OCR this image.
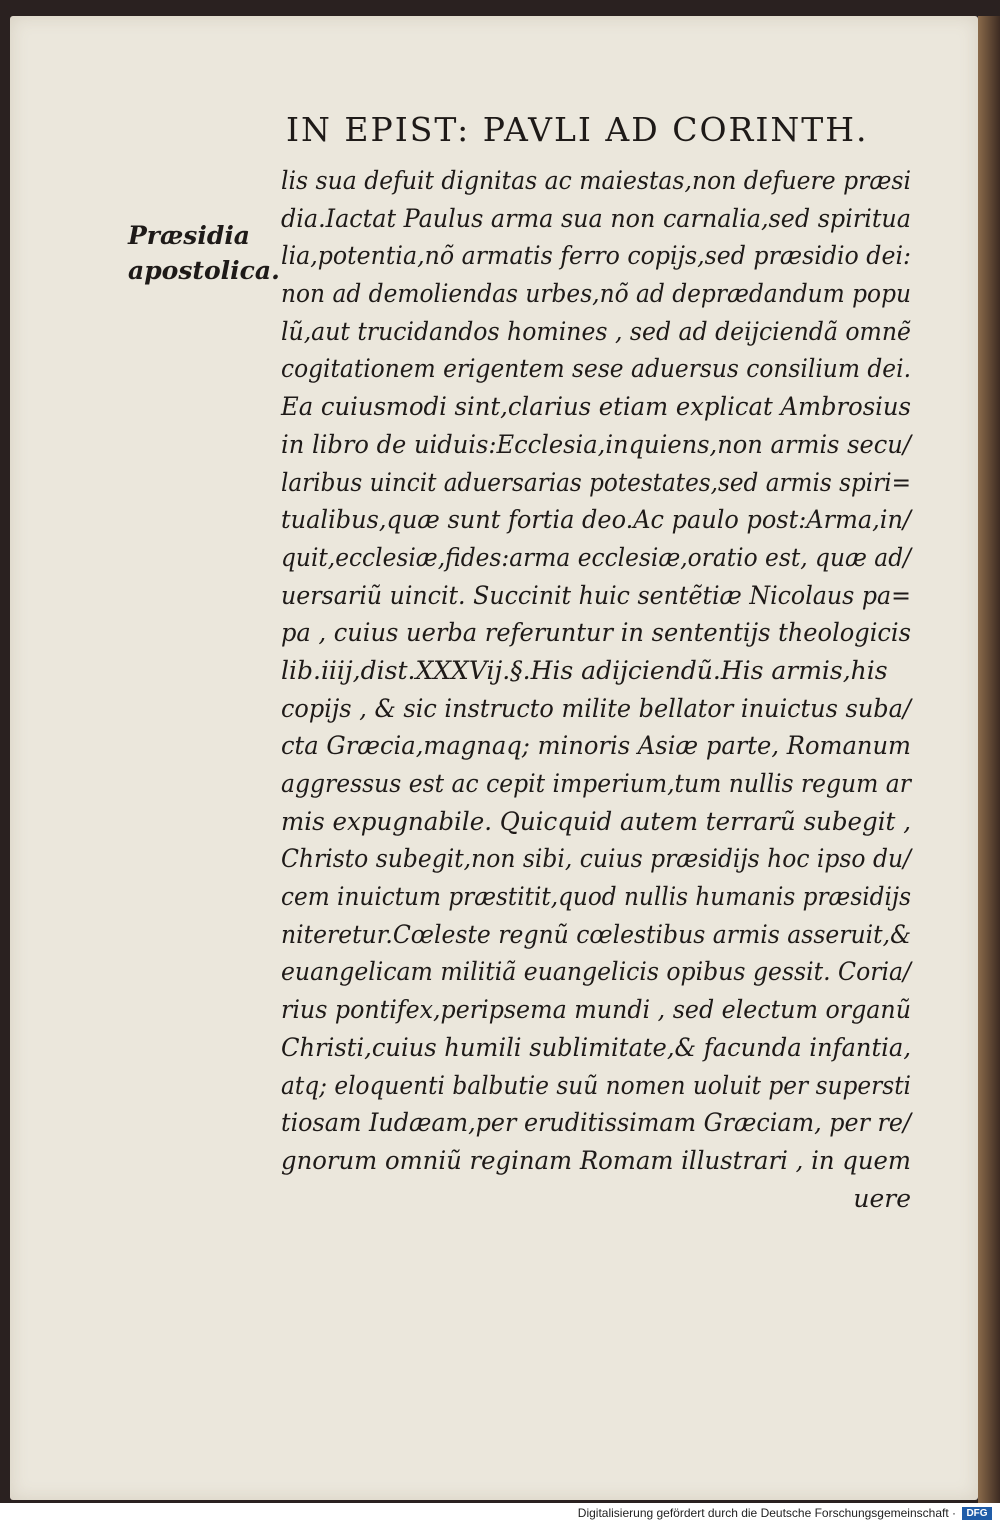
IN EPIST: PAVLI AD CORINTH.
Præsidia
apostolica.
lis sua defuit dignitas ac maiestas,non defuere præsi
dia.Iactat Paulus arma sua non carnalia,sed spiritua
lia,potentia,nõ armatis ferro copijs,sed præsidio dei:
non ad demoliendas urbes,nõ ad deprædandum popu
lũ,aut trucidandos homines , sed ad deijciendã omnẽ
cogitationem erigentem sese aduersus consilium dei.
Ea cuiusmodi sint,clarius etiam explicat Ambrosius
in libro de uiduis:Ecclesia,inquiens,non armis secu/
laribus uincit aduersarias potestates,sed armis spiri=
tualibus,quæ sunt fortia deo.Ac paulo post:Arma,in/
quit,ecclesiæ,fides:arma ecclesiæ,oratio est, quæ ad/
uersariũ uincit. Succinit huic sentẽtiæ Nicolaus pa=
pa , cuius uerba referuntur in sententijs theologicis
lib.iiij,dist.XXXVij.§.His adijciendũ.His armis,his
copijs , & sic instructo milite bellator inuictus suba/
cta Græcia,magnaq; minoris Asiæ parte, Romanum
aggressus est ac cepit imperium,tum nullis regum ar
mis expugnabile. Quicquid autem terrarũ subegit ,
Christo subegit,non sibi, cuius præsidijs hoc ipso du/
cem inuictum præstitit,quod nullis humanis præsidijs
niteretur.Cœleste regnũ cœlestibus armis asseruit,&
euangelicam militiã euangelicis opibus gessit. Coria/
rius pontifex,peripsema mundi , sed electum organũ
Christi,cuius humili sublimitate,& facunda infantia,
atq; eloquenti balbutie suũ nomen uoluit per supersti
tiosam Iudæam,per eruditissimam Græciam, per re/
gnorum omniũ reginam Romam illustrari , in quem
uere
Digitalisierung gefördert durch die Deutsche Forschungsgemeinschaft ·	DFG
